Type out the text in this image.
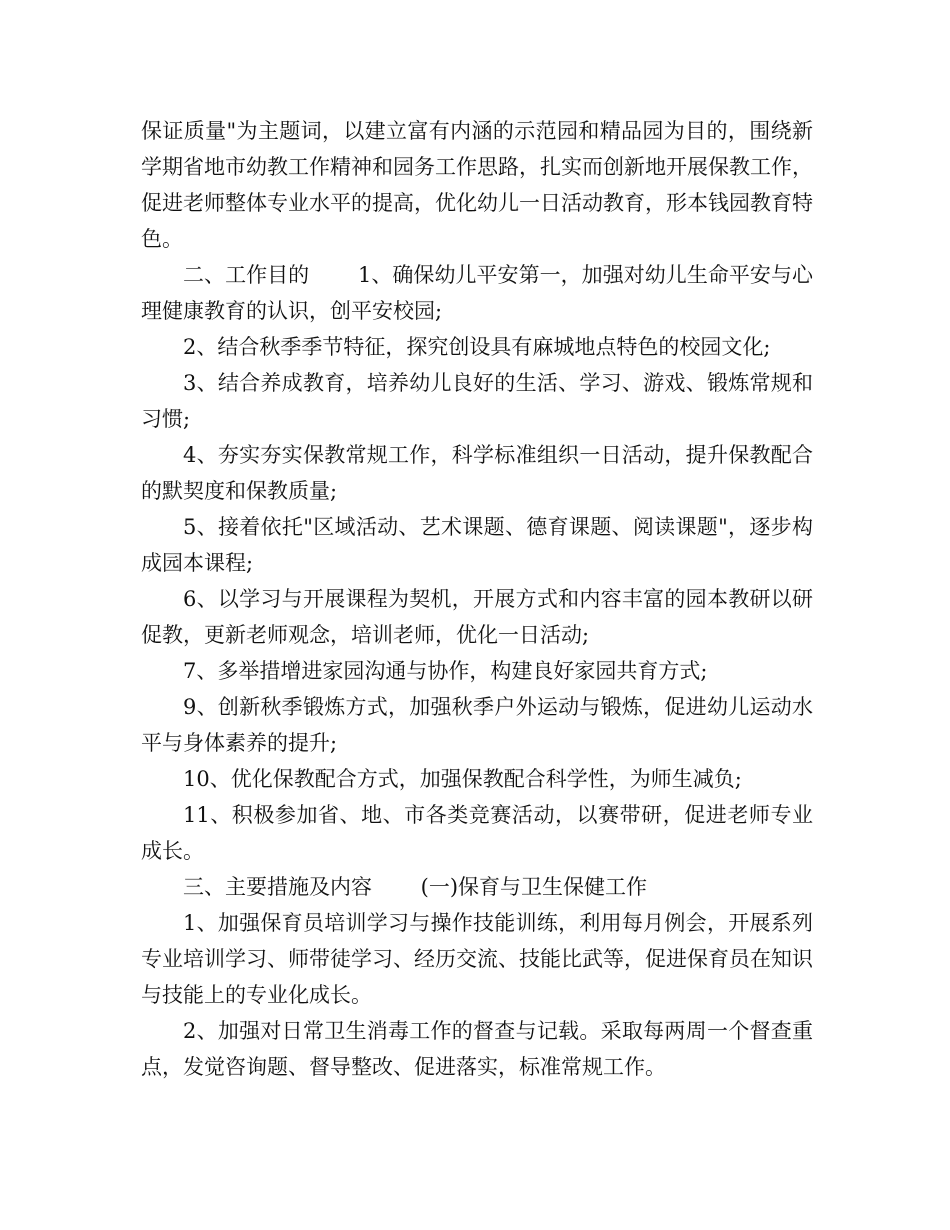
保证质量"为主题词，以建立富有内涵的示范园和精品园为目的，围绕新学期省地市幼教工作精神和园务工作思路，扎实而创新地开展保教工作，促进老师整体专业水平的提高，优化幼儿一日活动教育，形本钱园教育特色。

二、工作目的　　 1、确保幼儿平安第一，加强对幼儿生命平安与心理健康教育的认识，创平安校园;

2、结合秋季季节特征，探究创设具有麻城地点特色的校园文化;

3、结合养成教育，培养幼儿良好的生活、学习、游戏、锻炼常规和习惯;

4、夯实夯实保教常规工作，科学标准组织一日活动，提升保教配合的默契度和保教质量;

5、接着依托"区域活动、艺术课题、德育课题、阅读课题"，逐步构成园本课程;

6、以学习与开展课程为契机，开展方式和内容丰富的园本教研以研促教，更新老师观念，培训老师，优化一日活动;

7、多举措增进家园沟通与协作，构建良好家园共育方式;

9、创新秋季锻炼方式，加强秋季户外运动与锻炼，促进幼儿运动水平与身体素养的提升;

10、优化保教配合方式，加强保教配合科学性，为师生减负;

11、积极参加省、地、市各类竞赛活动，以赛带研，促进老师专业成长。

三、主要措施及内容　　 (一)保育与卫生保健工作

1、加强保育员培训学习与操作技能训练，利用每月例会，开展系列专业培训学习、师带徒学习、经历交流、技能比武等，促进保育员在知识与技能上的专业化成长。

2、加强对日常卫生消毒工作的督查与记载。采取每两周一个督查重点，发觉咨询题、督导整改、促进落实，标准常规工作。
